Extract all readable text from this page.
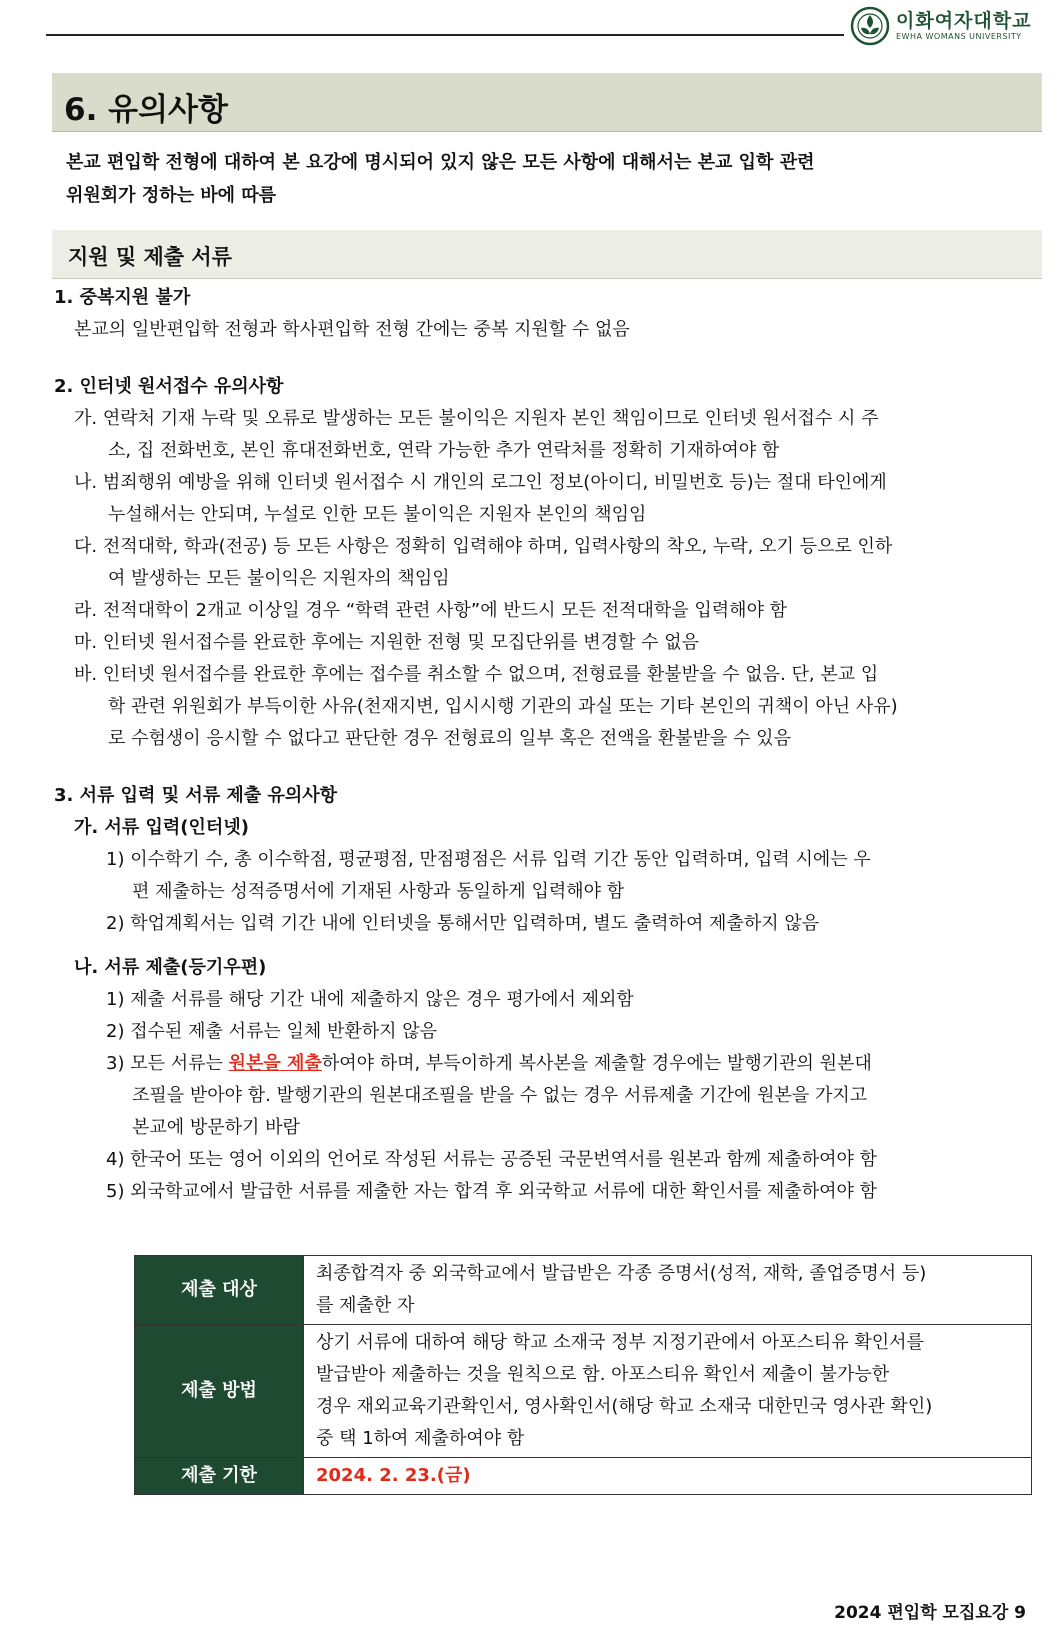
이화여자대학교
EWHA WOMANS UNIVERSITY
6. 유의사항
본교 편입학 전형에 대하여 본 요강에 명시되어 있지 않은 모든 사항에 대해서는 본교 입학 관련
위원회가 정하는 바에 따름
지원 및 제출 서류
1. 중복지원 불가
본교의 일반편입학 전형과 학사편입학 전형 간에는 중복 지원할 수 없음
2. 인터넷 원서접수 유의사항
가. 연락처 기재 누락 및 오류로 발생하는 모든 불이익은 지원자 본인 책임이므로 인터넷 원서접수 시 주
소, 집 전화번호, 본인 휴대전화번호, 연락 가능한 추가 연락처를 정확히 기재하여야 함
나. 범죄행위 예방을 위해 인터넷 원서접수 시 개인의 로그인 정보(아이디, 비밀번호 등)는 절대 타인에게
누설해서는 안되며, 누설로 인한 모든 불이익은 지원자 본인의 책임임
다. 전적대학, 학과(전공) 등 모든 사항은 정확히 입력해야 하며, 입력사항의 착오, 누락, 오기 등으로 인하
여 발생하는 모든 불이익은 지원자의 책임임
라. 전적대학이 2개교 이상일 경우 “학력 관련 사항”에 반드시 모든 전적대학을 입력해야 함
마. 인터넷 원서접수를 완료한 후에는 지원한 전형 및 모집단위를 변경할 수 없음
바. 인터넷 원서접수를 완료한 후에는 접수를 취소할 수 없으며, 전형료를 환불받을 수 없음. 단, 본교 입
학 관련 위원회가 부득이한 사유(천재지변, 입시시행 기관의 과실 또는 기타 본인의 귀책이 아닌 사유)
로 수험생이 응시할 수 없다고 판단한 경우 전형료의 일부 혹은 전액을 환불받을 수 있음
3. 서류 입력 및 서류 제출 유의사항
가. 서류 입력(인터넷)
1) 이수학기 수, 총 이수학점, 평균평점, 만점평점은 서류 입력 기간 동안 입력하며, 입력 시에는 우
편 제출하는 성적증명서에 기재된 사항과 동일하게 입력해야 함
2) 학업계획서는 입력 기간 내에 인터넷을 통해서만 입력하며, 별도 출력하여 제출하지 않음
나. 서류 제출(등기우편)
1) 제출 서류를 해당 기간 내에 제출하지 않은 경우 평가에서 제외함
2) 접수된 제출 서류는 일체 반환하지 않음
3) 모든 서류는 원본을 제출하여야 하며, 부득이하게 복사본을 제출할 경우에는 발행기관의 원본대
조필을 받아야 함. 발행기관의 원본대조필을 받을 수 없는 경우 서류제출 기간에 원본을 가지고
본교에 방문하기 바람
4) 한국어 또는 영어 이외의 언어로 작성된 서류는 공증된 국문번역서를 원본과 함께 제출하여야 함
5) 외국학교에서 발급한 서류를 제출한 자는 합격 후 외국학교 서류에 대한 확인서를 제출하여야 함
제출 대상	최종합격자 중 외국학교에서 발급받은 각종 증명서(성적, 재학, 졸업증명서 등)
를 제출한 자

제출 방법	상기 서류에 대하여 해당 학교 소재국 정부 지정기관에서 아포스티유 확인서를
발급받아 제출하는 것을 원칙으로 함. 아포스티유 확인서 제출이 불가능한
경우 재외교육기관확인서, 영사확인서(해당 학교 소재국 대한민국 영사관 확인)
중 택 1하여 제출하여야 함

제출 기한	2024. 2. 23.(금)
2024 편입학 모집요강 9
